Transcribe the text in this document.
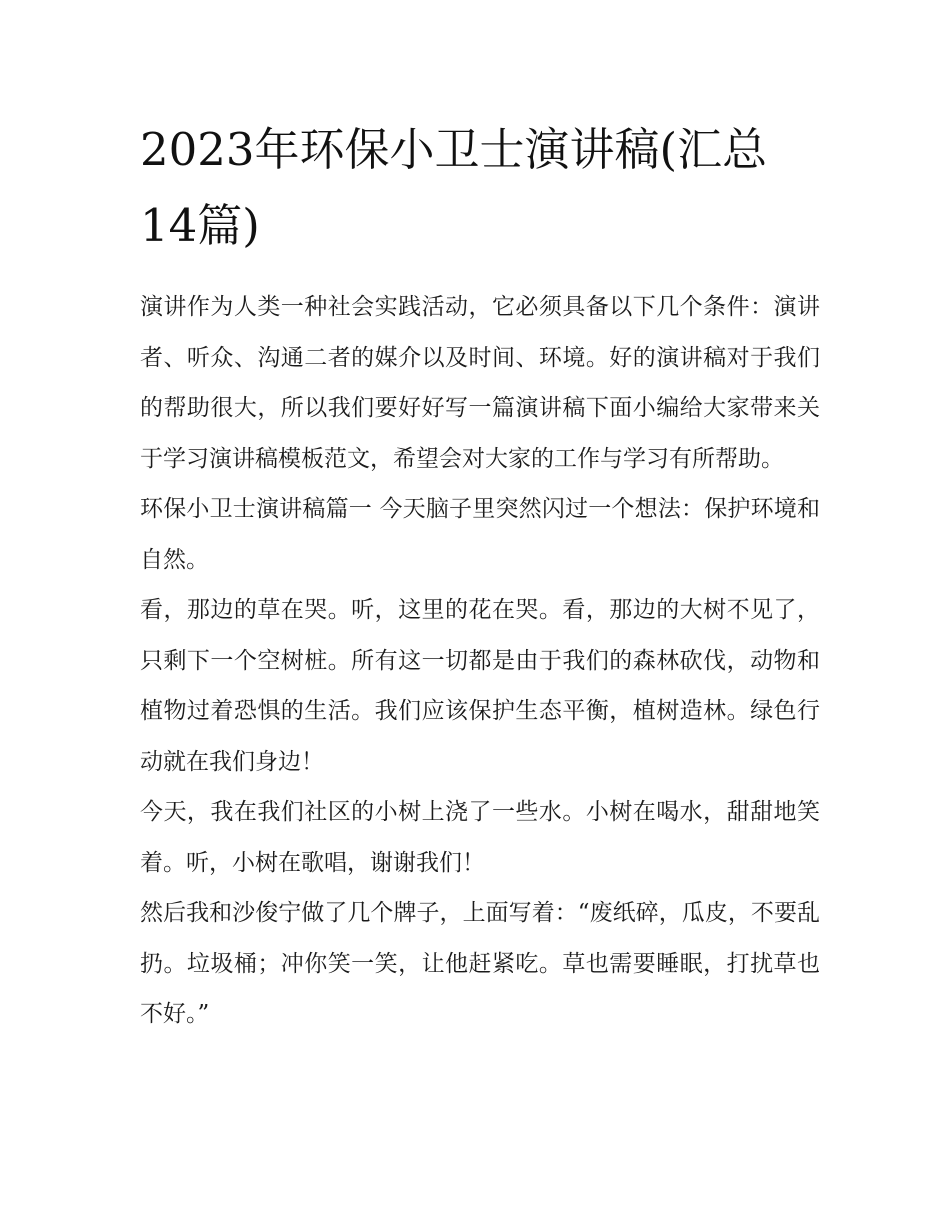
2023年环保小卫士演讲稿(汇总14篇)

演讲作为人类一种社会实践活动，它必须具备以下几个条件：演讲者、听众、沟通二者的媒介以及时间、环境。好的演讲稿对于我们的帮助很大，所以我们要好好写一篇演讲稿下面小编给大家带来关于学习演讲稿模板范文，希望会对大家的工作与学习有所帮助。

环保小卫士演讲稿篇一 今天脑子里突然闪过一个想法：保护环境和自然。

看，那边的草在哭。听，这里的花在哭。看，那边的大树不见了，只剩下一个空树桩。所有这一切都是由于我们的森林砍伐，动物和植物过着恐惧的生活。我们应该保护生态平衡，植树造林。绿色行动就在我们身边！

今天，我在我们社区的小树上浇了一些水。小树在喝水，甜甜地笑着。听，小树在歌唱，谢谢我们！

然后我和沙俊宁做了几个牌子，上面写着：“废纸碎，瓜皮，不要乱扔。垃圾桶；冲你笑一笑，让他赶紧吃。草也需要睡眠，打扰草也不好。”
